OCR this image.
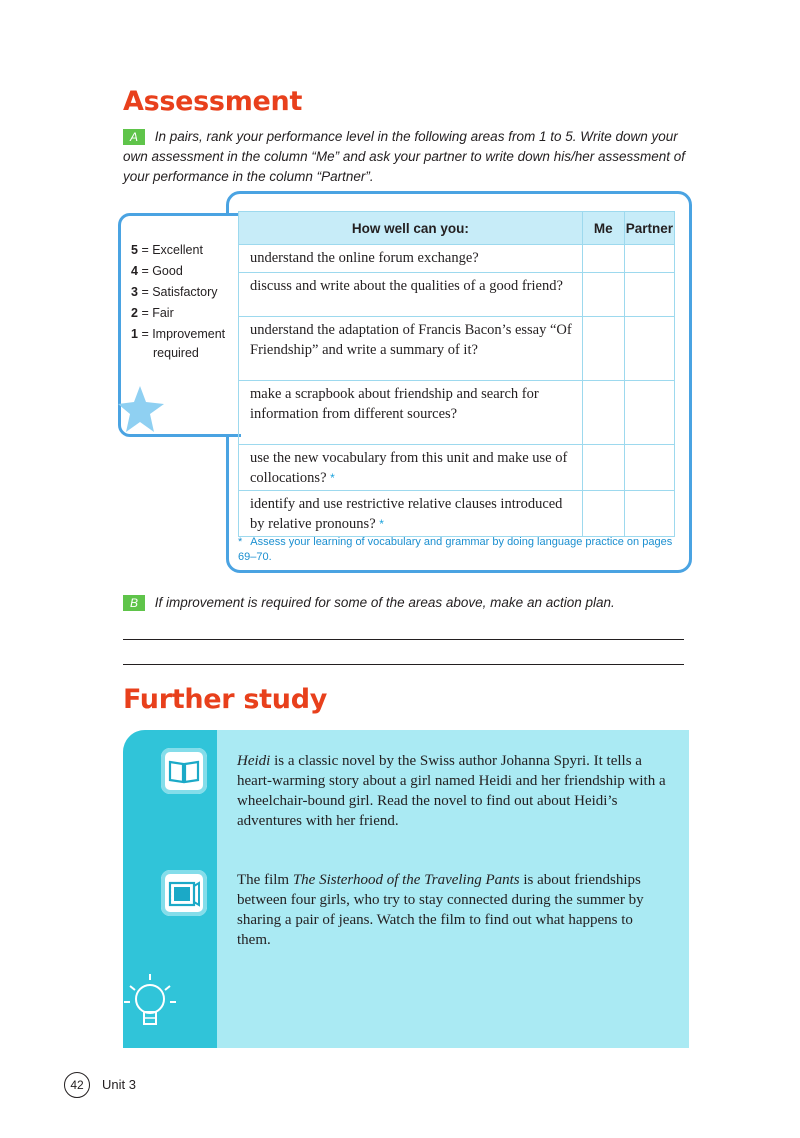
Assessment
A In pairs, rank your performance level in the following areas from 1 to 5. Write down your own assessment in the column “Me” and ask your partner to write down his/her assessment of your performance in the column “Partner”.
5 = Excellent
4 = Good
3 = Satisfactory
2 = Fair
1 = Improvement
required
How well can you:	Me	Partner
understand the online forum exchange?		
discuss and write about the qualities of a good friend?		
understand the adaptation of Francis Bacon’s essay “Of Friendship” and write a summary of it?		
make a scrapbook about friendship and search for information from different sources?		
use the new vocabulary from this unit and make use of collocations? *		
identify and use restrictive relative clauses introduced by relative pronouns? *		
* Assess your learning of vocabulary and grammar by doing language practice on pages 69–70.
B If improvement is required for some of the areas above, make an action plan.
Further study
Heidi is a classic novel by the Swiss author Johanna Spyri. It tells a heart-warming story about a girl named Heidi and her friendship with a wheelchair-bound girl. Read the novel to find out about Heidi’s adventures with her friend.
The film The Sisterhood of the Traveling Pants is about friendships between four girls, who try to stay connected during the summer by sharing a pair of jeans. Watch the film to find out what happens to them.
42	Unit 3
